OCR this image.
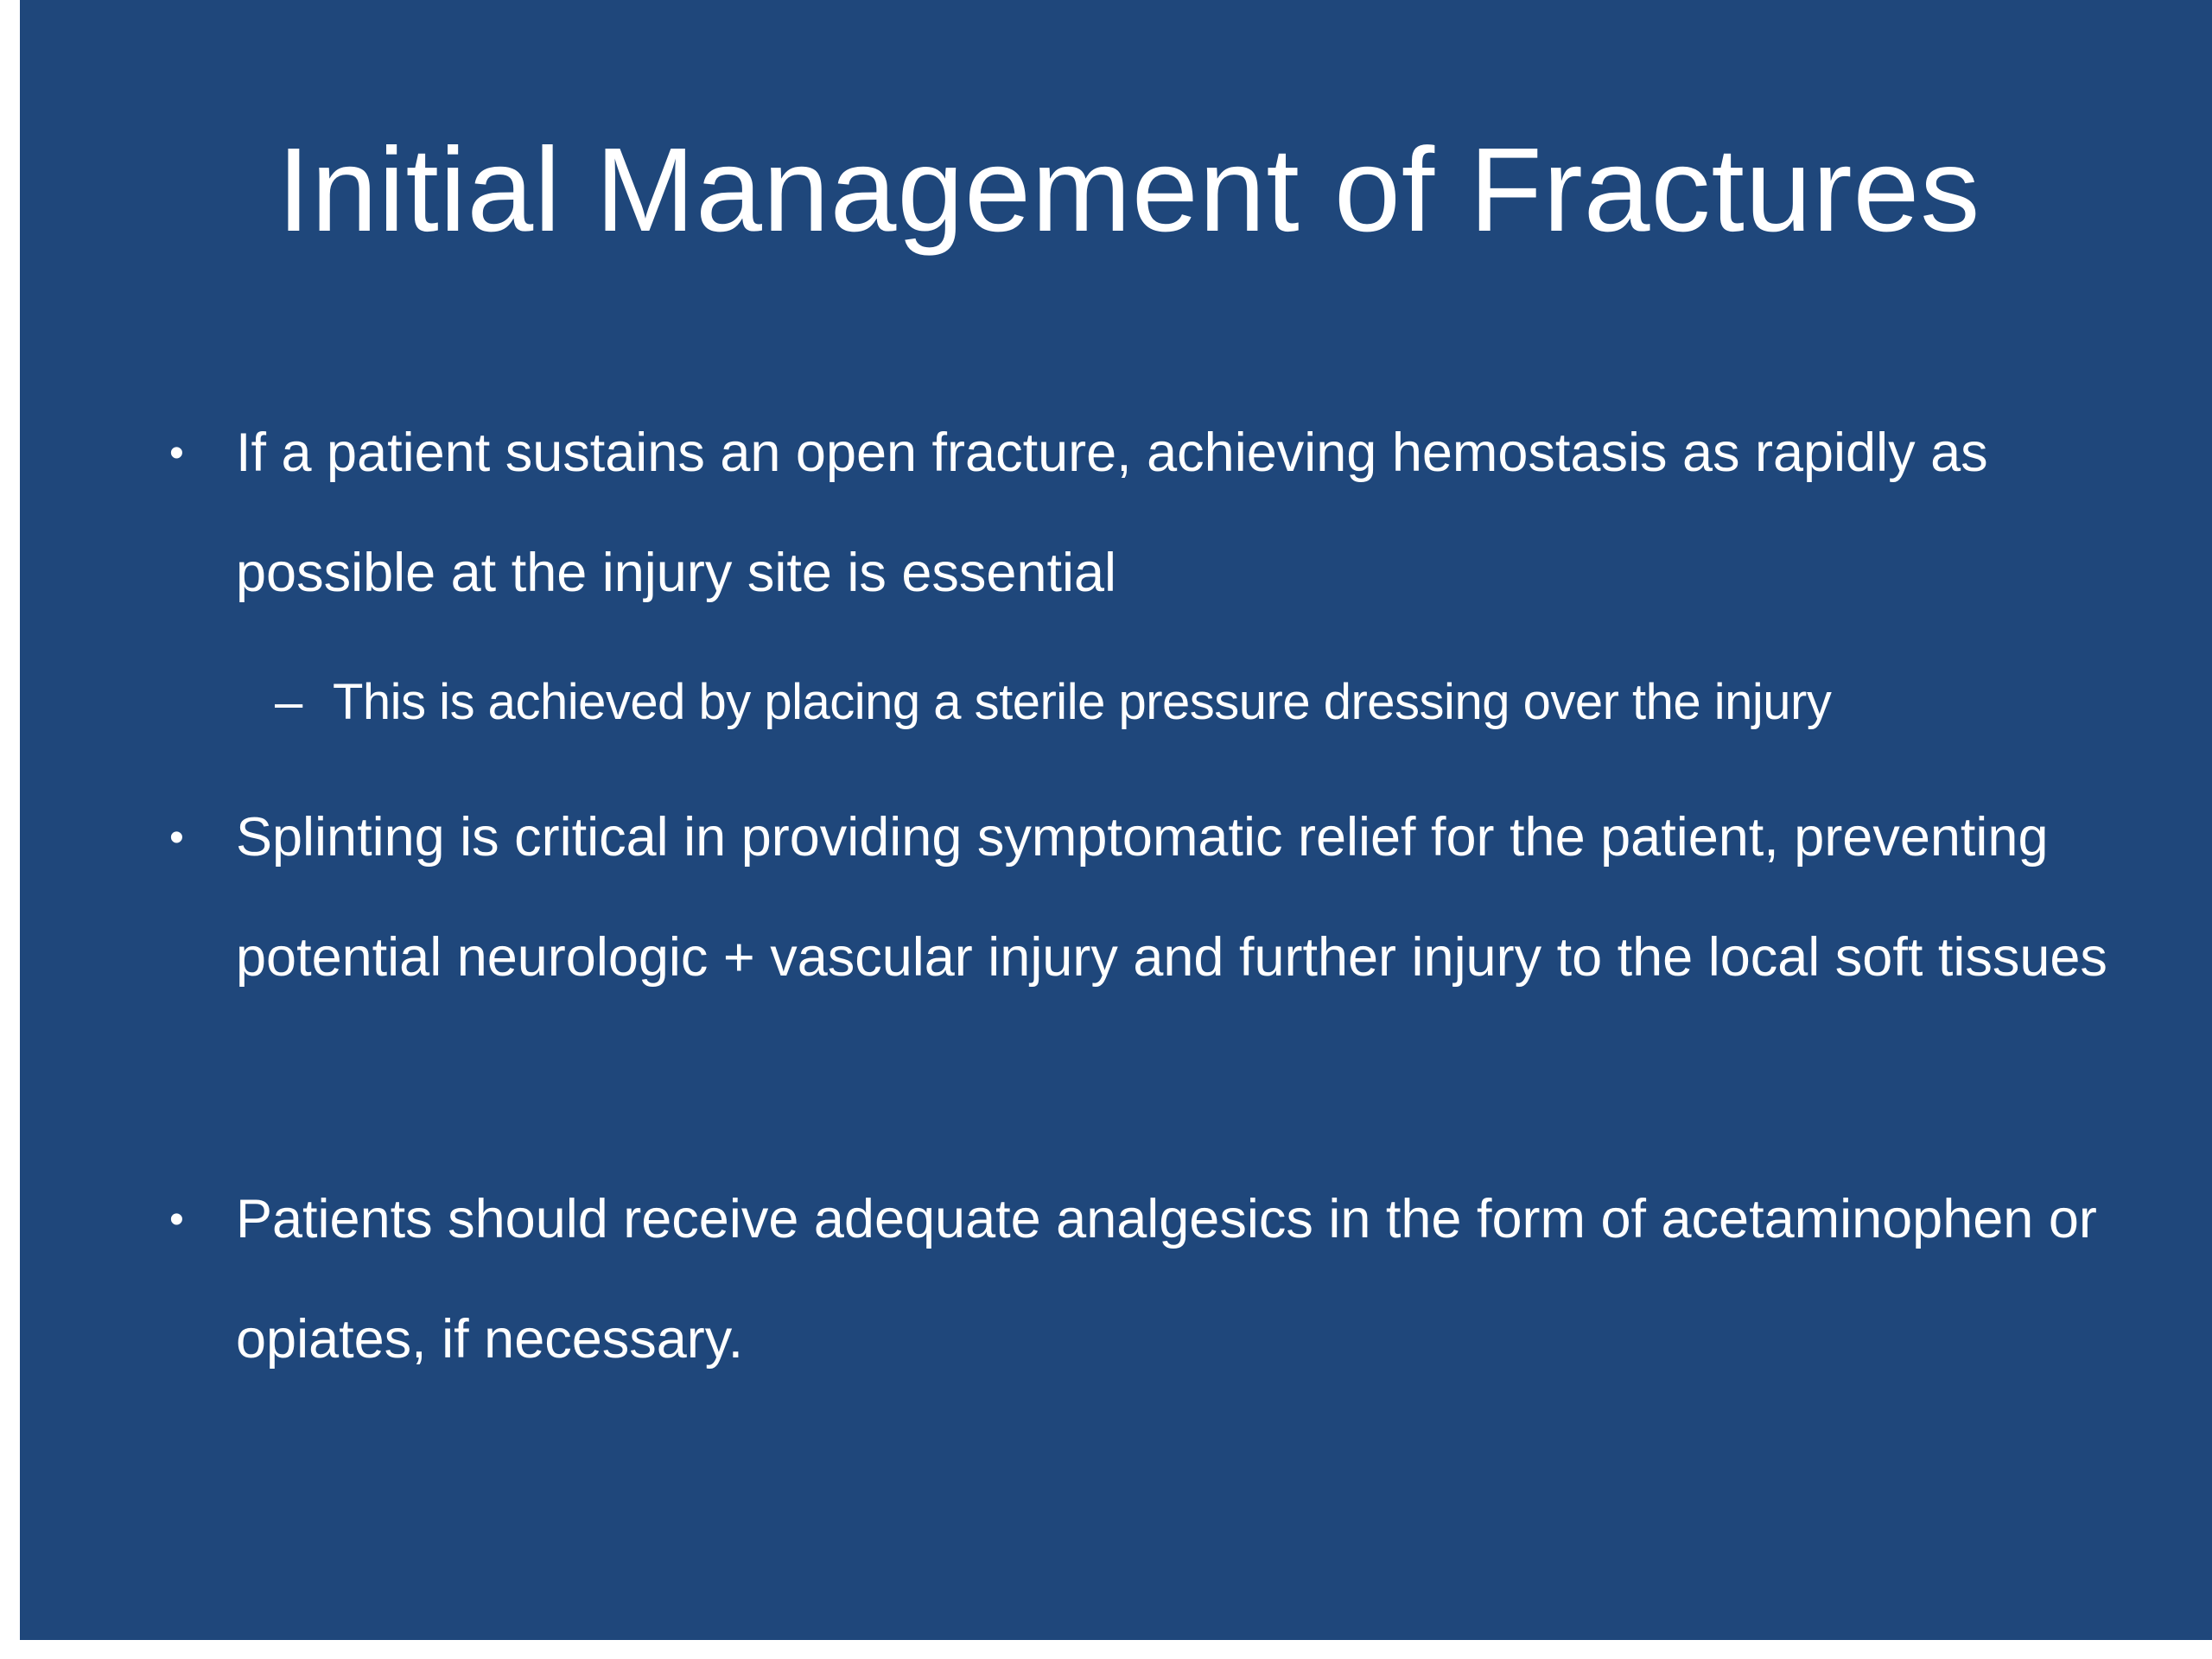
Initial Management of Fractures
• If a patient sustains an open fracture, achieving hemostasis as rapidly as possible at the injury site is essential
– This is achieved by placing a sterile pressure dressing over the injury
• Splinting is critical in providing symptomatic relief for the patient, preventing potential neurologic + vascular injury and further injury to the local soft tissues
• Patients should receive adequate analgesics in the form of acetaminophen or opiates, if necessary.
